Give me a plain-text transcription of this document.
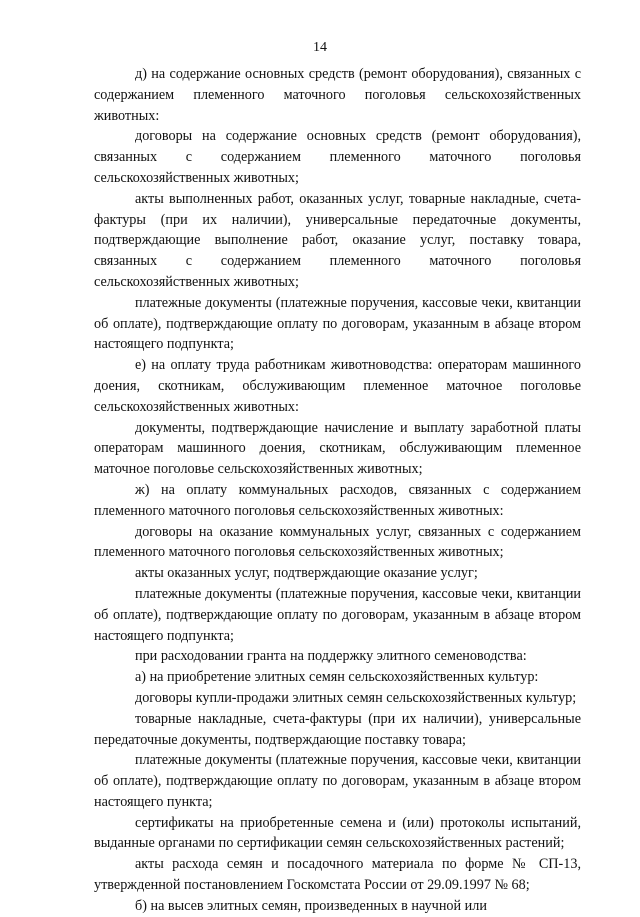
14

д) на содержание основных средств (ремонт оборудования), связанных с содержанием племенного маточного поголовья сельскохозяйственных животных:

договоры на содержание основных средств (ремонт оборудования), связанных с содержанием племенного маточного поголовья сельскохозяйственных животных;

акты выполненных работ, оказанных услуг, товарные накладные, счета-фактуры (при их наличии), универсальные передаточные документы, подтверждающие выполнение работ, оказание услуг, поставку товара, связанных с содержанием племенного маточного поголовья сельскохозяйственных животных;

платежные документы (платежные поручения, кассовые чеки, квитанции об оплате), подтверждающие оплату по договорам, указанным в абзаце втором настоящего подпункта;

е) на оплату труда работникам животноводства: операторам машинного доения, скотникам, обслуживающим племенное маточное поголовье сельскохозяйственных животных:

документы, подтверждающие начисление и выплату заработной платы операторам машинного доения, скотникам, обслуживающим племенное маточное поголовье сельскохозяйственных животных;

ж) на оплату коммунальных расходов, связанных с содержанием племенного маточного поголовья сельскохозяйственных животных:

договоры на оказание коммунальных услуг, связанных с содержанием племенного маточного поголовья сельскохозяйственных животных;

акты оказанных услуг, подтверждающие оказание услуг;

платежные документы (платежные поручения, кассовые чеки, квитанции об оплате), подтверждающие оплату по договорам, указанным в абзаце втором настоящего подпункта;

при расходовании гранта на поддержку элитного семеноводства:

а) на приобретение элитных семян сельскохозяйственных культур:

договоры купли-продажи элитных семян сельскохозяйственных культур;

товарные накладные, счета-фактуры (при их наличии), универсальные передаточные документы, подтверждающие поставку товара;

платежные документы (платежные поручения, кассовые чеки, квитанции об оплате), подтверждающие оплату по договорам, указанным в абзаце втором настоящего пункта;

сертификаты на приобретенные семена и (или) протоколы испытаний, выданные органами по сертификации семян сельскохозяйственных растений;

акты расхода семян и посадочного материала по форме № СП-13, утвержденной постановлением Госкомстата России от 29.09.1997 № 68;

б) на высев элитных семян, произведенных в научной или
